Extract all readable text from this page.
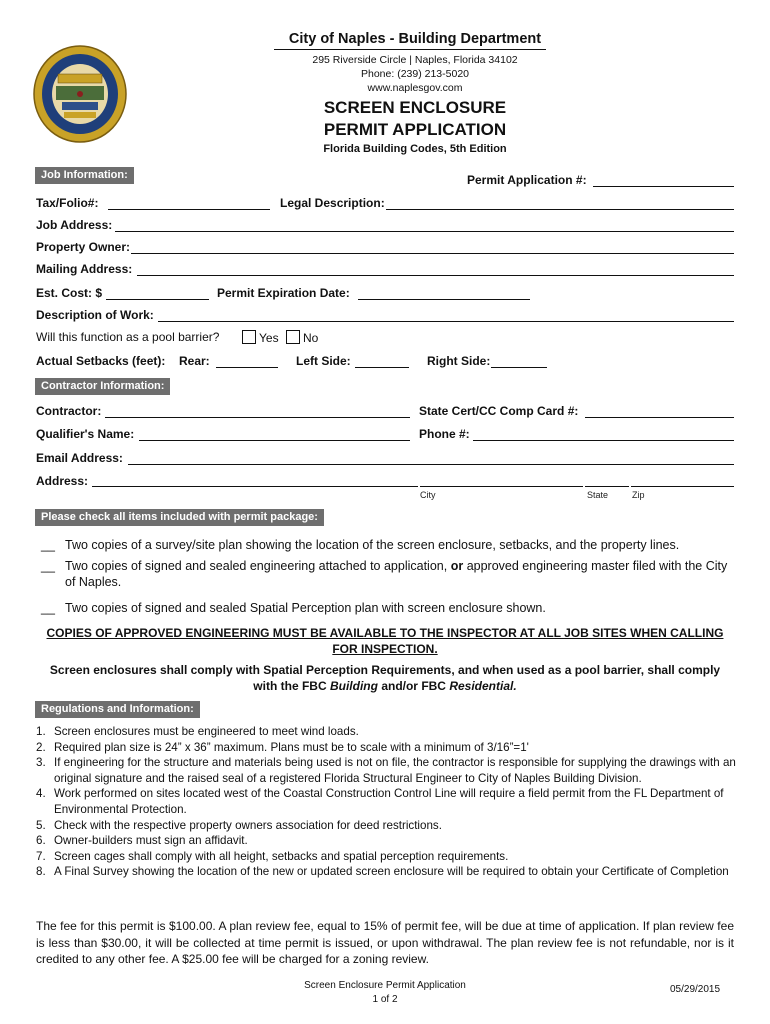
City of Naples - Building Department
295 Riverside Circle | Naples, Florida 34102
Phone: (239) 213-5020
www.naplesgov.com
SCREEN ENCLOSURE
PERMIT APPLICATION
Florida Building Codes, 5th Edition
Job Information:	Permit Application #:
Tax/Folio#:	Legal Description:
Job Address:
Property Owner:
Mailing Address:
Est. Cost: $	Permit Expiration Date:
Description of Work:
Will this function as a pool barrier?	Yes	No
Actual Setbacks (feet): Rear:	Left Side:	Right Side:
Contractor Information:
Contractor:	State Cert/CC Comp Card #:
Qualifier's Name:	Phone #:
Email Address:
Address:
City	State	Zip
Please check all items included with permit package:
__ Two copies of a survey/site plan showing the location of the screen enclosure, setbacks, and the property lines.
__ Two copies of signed and sealed engineering attached to application, or approved engineering master filed with the City of Naples.
__ Two copies of signed and sealed Spatial Perception plan with screen enclosure shown.
COPIES OF APPROVED ENGINEERING MUST BE AVAILABLE TO THE INSPECTOR AT ALL JOB SITES WHEN CALLING FOR INSPECTION.
Screen enclosures shall comply with Spatial Perception Requirements, and when used as a pool barrier, shall comply with the FBC Building and/or FBC Residential.
Regulations and Information:
1. Screen enclosures must be engineered to meet wind loads.
2. Required plan size is 24” x 36” maximum. Plans must be to scale with a minimum of 3/16”=1'
3. If engineering for the structure and materials being used is not on file, the contractor is responsible for supplying the drawings with an original signature and the raised seal of a registered Florida Structural Engineer to City of Naples Building Division.
4. Work performed on sites located west of the Coastal Construction Control Line will require a field permit from the FL Department of Environmental Protection.
5. Check with the respective property owners association for deed restrictions.
6. Owner-builders must sign an affidavit.
7. Screen cages shall comply with all height, setbacks and spatial perception requirements.
8. A Final Survey showing the location of the new or updated screen enclosure will be required to obtain your Certificate of Completion
The fee for this permit is $100.00. A plan review fee, equal to 15% of permit fee, will be due at time of application. If plan review fee is less than $30.00, it will be collected at time permit is issued, or upon withdrawal. The plan review fee is not refundable, nor is it credited to any other fee. A $25.00 fee will be charged for a zoning review.
Screen Enclosure Permit Application
1 of 2
05/29/2015
